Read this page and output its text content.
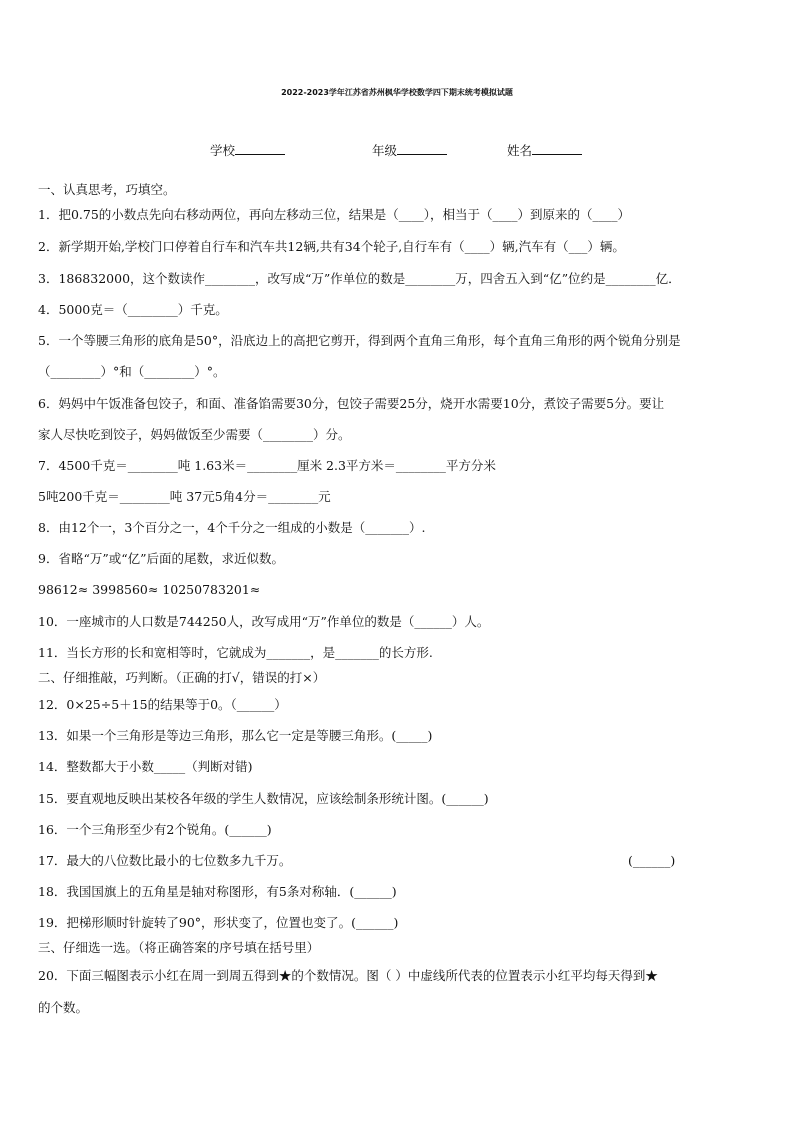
2022-2023学年江苏省苏州枫华学校数学四下期末统考模拟试题
学校	年级	姓名
一、认真思考，巧填空。
1．把0.75的小数点先向右移动两位，再向左移动三位，结果是（____），相当于（____）到原来的（____）
2．新学期开始,学校门口停着自行车和汽车共12辆,共有34个轮子,自行车有（____）辆,汽车有（___）辆。
3．186832000，这个数读作________，改写成“万”作单位的数是________万，四舍五入到“亿”位约是________亿．
4．5000克＝（________）千克。
5．一个等腰三角形的底角是50°，沿底边上的高把它剪开，得到两个直角三角形，每个直角三角形的两个锐角分别是
（________）°和（________）°。
6．妈妈中午饭准备包饺子，和面、准备馅需要30分，包饺子需要25分，烧开水需要10分，煮饺子需要5分。要让
家人尽快吃到饺子，妈妈做饭至少需要（________）分。
7．4500千克＝________吨 1.63米＝________厘米 2.3平方米＝________平方分米
5吨200千克＝________吨 37元5角4分＝________元
8．由12个一，3个百分之一，4个千分之一组成的小数是（_______）.
9．省略“万”或“亿”后面的尾数，求近似数。
98612≈ 3998560≈ 10250783201≈
10．一座城市的人口数是744250人，改写成用“万”作单位的数是（______）人。
11．当长方形的长和宽相等时，它就成为_______，是_______的长方形.
二、仔细推敲，巧判断。（正确的打√，错误的打×）
12．0×25÷5＋15的结果等于0。（______）
13．如果一个三角形是等边三角形，那么它一定是等腰三角形。(_____)
14．整数都大于小数_____（判断对错)
15．要直观地反映出某校各年级的学生人数情况，应该绘制条形统计图。(______)
16．一个三角形至少有2个锐角。(______)
17．最大的八位数比最小的七位数多九千万。	(______)
18．我国国旗上的五角星是轴对称图形，有5条对称轴．(______)
19．把梯形顺时针旋转了90°，形状变了，位置也变了。(______)
三、仔细选一选。（将正确答案的序号填在括号里）
20．下面三幅图表示小红在周一到周五得到★的个数情况。图（ ）中虚线所代表的位置表示小红平均每天得到★
的个数。
